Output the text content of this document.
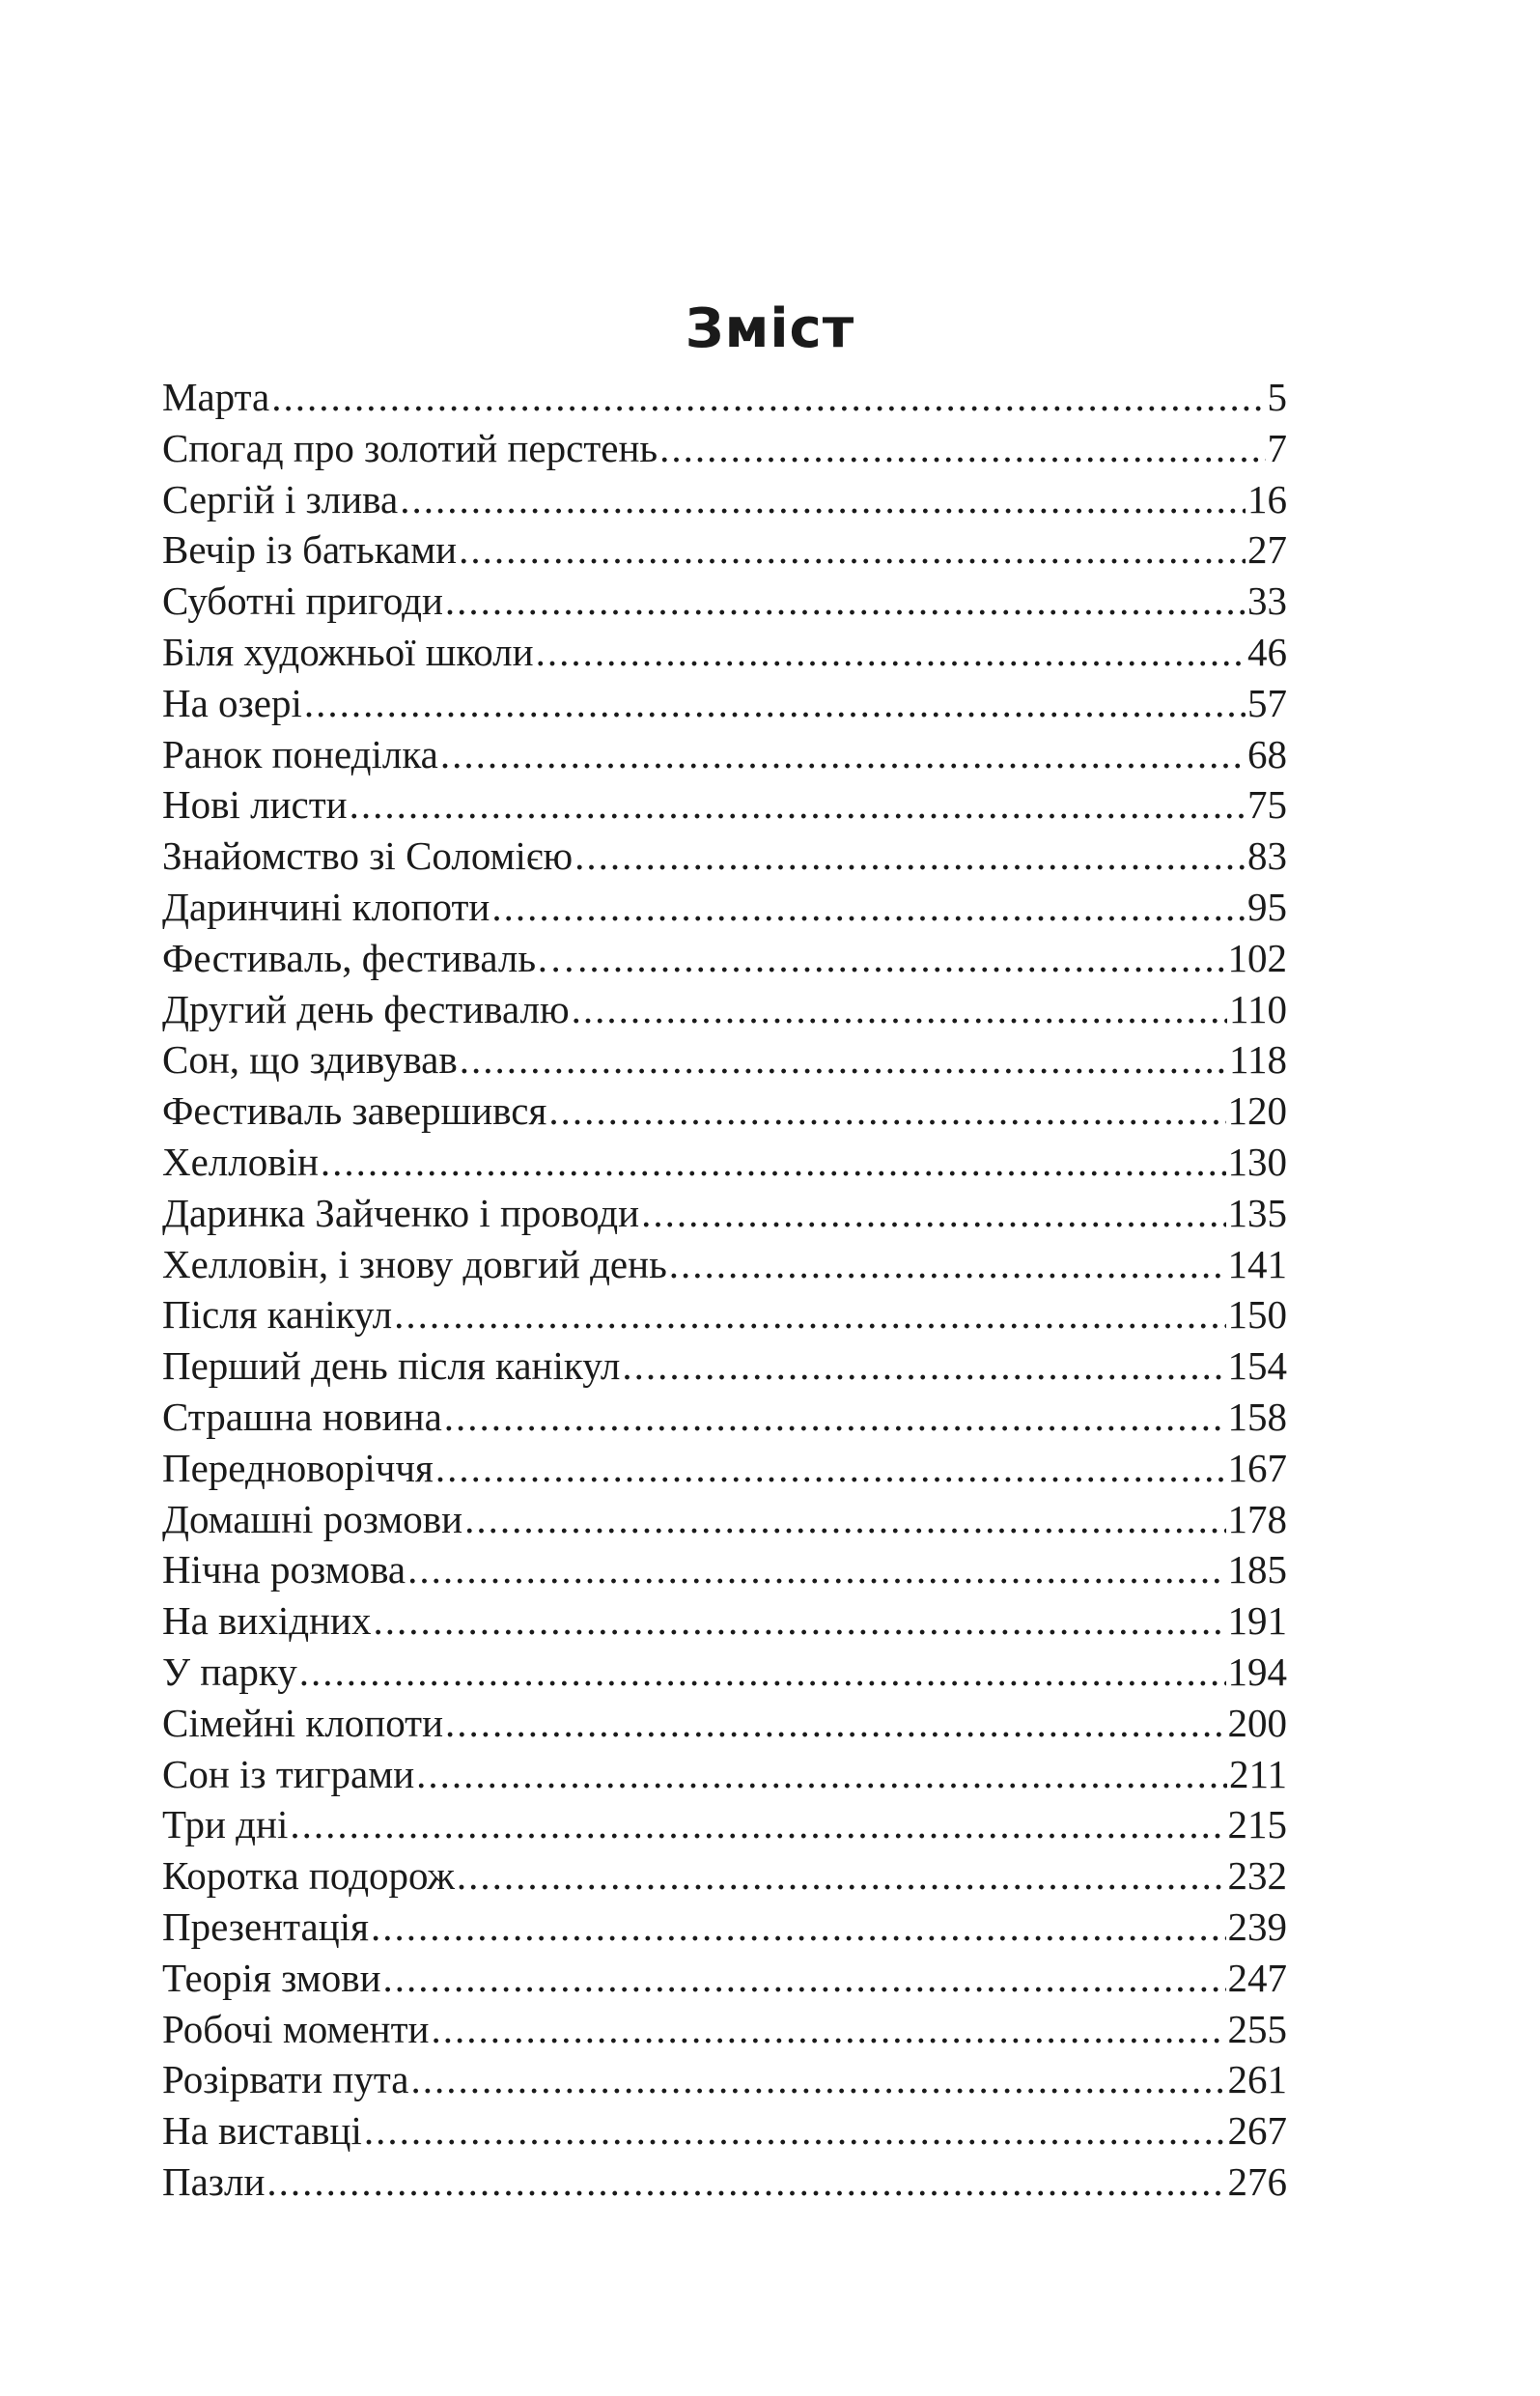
Зміст
Марта .....	5
Спогад про золотий перстень .....	7
Сергій і злива .....	16
Вечір із батьками .....	27
Суботні пригоди .....	33
Біля художньої школи .....	46
На озері .....	57
Ранок понеділка .....	68
Нові листи .....	75
Знайомство зі Соломією .....	83
Даринчині клопоти .....	95
Фестиваль, фестиваль… .....	102
Другий день фестивалю .....	110
Сон, що здивував .....	118
Фестиваль завершився .....	120
Хелловін .....	130
Даринка Зайченко і проводи .....	135
Хелловін, і знову довгий день .....	141
Після канікул .....	150
Перший день після канікул .....	154
Страшна новина .....	158
Передноворіччя .....	167
Домашні розмови .....	178
Нічна розмова .....	185
На вихідних .....	191
У парку .....	194
Сімейні клопоти .....	200
Сон із тиграми .....	211
Три дні .....	215
Коротка подорож .....	232
Презентація .....	239
Теорія змови .....	247
Робочі моменти .....	255
Розірвати пута .....	261
На виставці .....	267
Пазли .....	276
